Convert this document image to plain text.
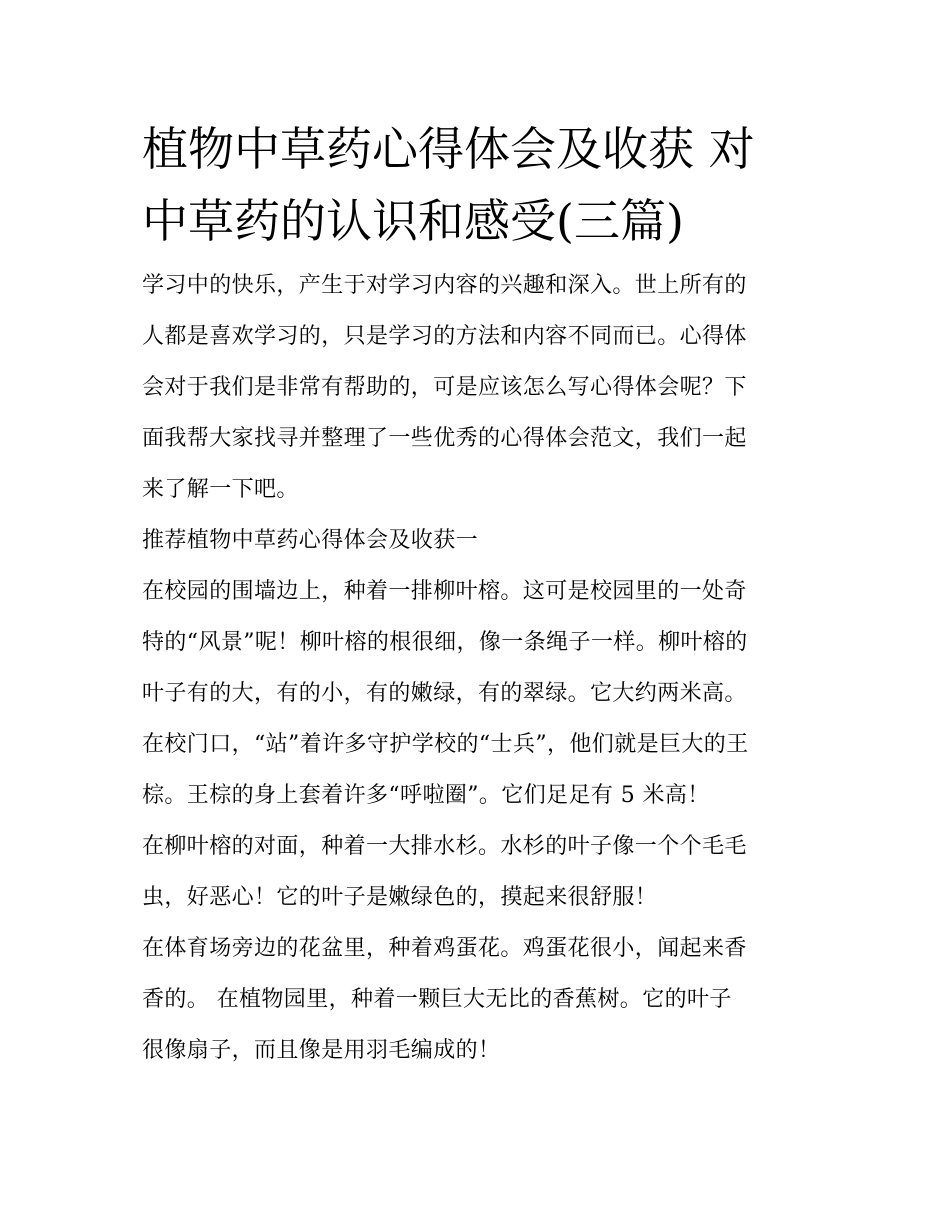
植物中草药心得体会及收获 对
中草药的认识和感受(三篇)

学习中的快乐，产生于对学习内容的兴趣和深入。世上所有的
人都是喜欢学习的，只是学习的方法和内容不同而已。心得体
会对于我们是非常有帮助的，可是应该怎么写心得体会呢？下
面我帮大家找寻并整理了一些优秀的心得体会范文，我们一起
来了解一下吧。

推荐植物中草药心得体会及收获一

在校园的围墙边上，种着一排柳叶榕。这可是校园里的一处奇
特的“风景”呢！柳叶榕的根很细，像一条绳子一样。柳叶榕的
叶子有的大，有的小，有的嫩绿，有的翠绿。它大约两米高。
在校门口，“站”着许多守护学校的“士兵”，他们就是巨大的王
棕。王棕的身上套着许多“呼啦圈”。它们足足有 5 米高！

在柳叶榕的对面，种着一大排水杉。水杉的叶子像一个个毛毛
虫，好恶心！它的叶子是嫩绿色的，摸起来很舒服！

在体育场旁边的花盆里，种着鸡蛋花。鸡蛋花很小，闻起来香
香的。 在植物园里，种着一颗巨大无比的香蕉树。它的叶子
很像扇子，而且像是用羽毛编成的！
